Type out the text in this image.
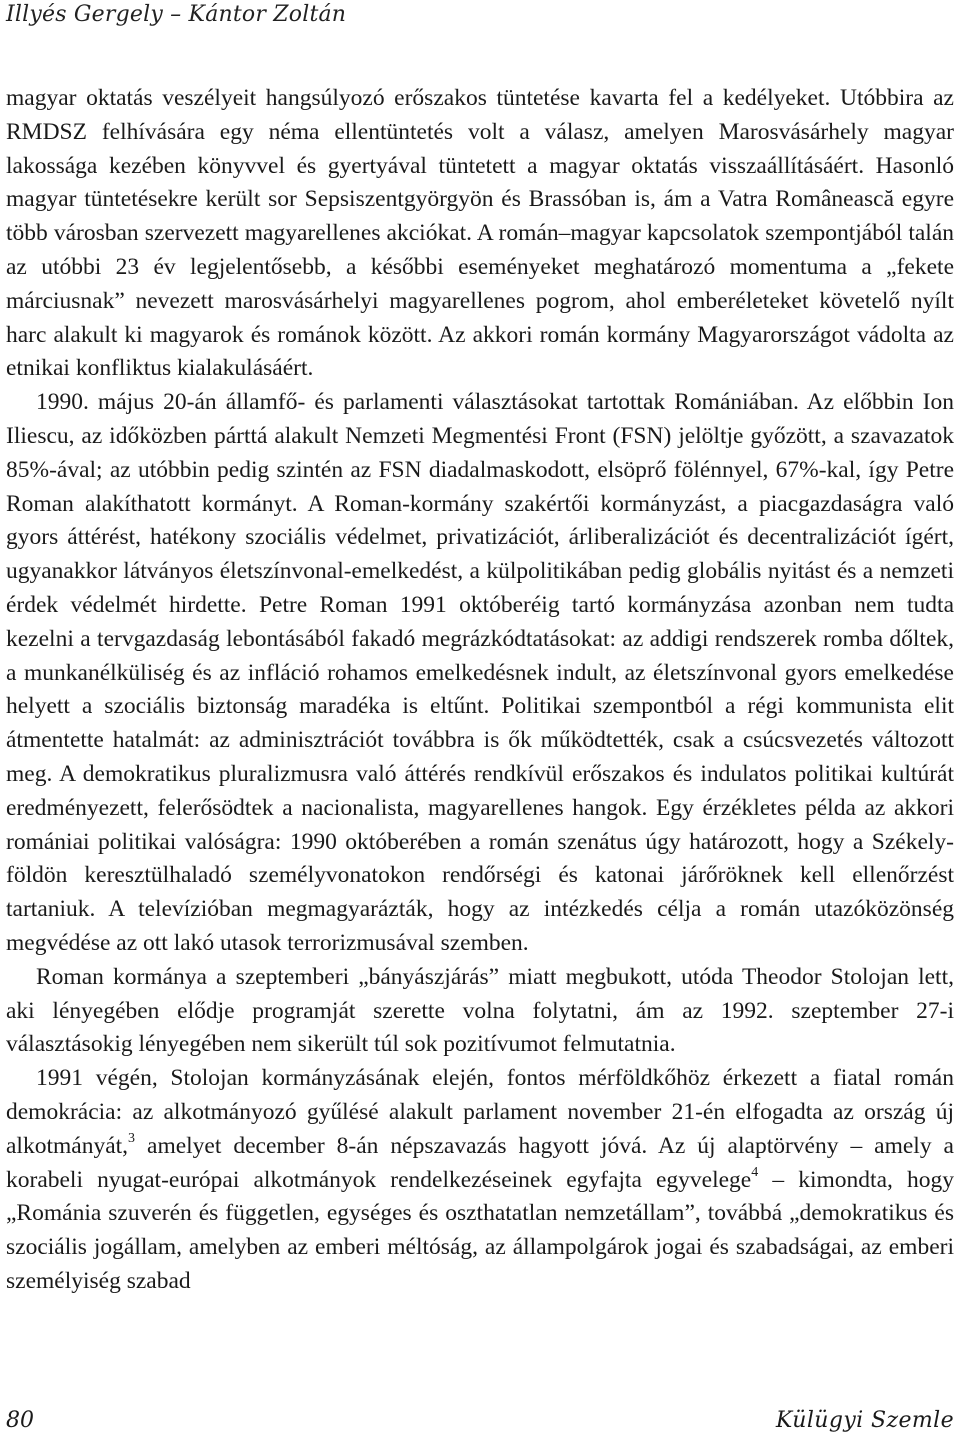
Illyés Gergely – Kántor Zoltán

magyar oktatás veszélyeit hangsúlyozó erőszakos tüntetése kavarta fel a kedélyeket. Utóbbira az RMDSZ felhívására egy néma ellentüntetés volt a válasz, amelyen Marosvásárhely magyar lakossága kezében könyvvel és gyertyával tüntetett a magyar oktatás visszaállításáért. Hasonló magyar tüntetésekre került sor Sepsiszentgyörgyön és Brassóban is, ám a Vatra Românească egyre több városban szervezett magyarellenes akciókat. A román–magyar kapcsolatok szempontjából talán az utóbbi 23 év legjelentősebb, a későbbi eseményeket meghatározó momentuma a „fekete márciusnak” nevezett marosvásárhelyi magyarellenes pogrom, ahol emberéleteket követelő nyílt harc alakult ki magyarok és románok között. Az akkori román kormány Magyarországot vádolta az etnikai konfliktus kialakulásáért.

1990. május 20-án államfő- és parlamenti választásokat tartottak Romániában. Az előbbin Ion Iliescu, az időközben párttá alakult Nemzeti Megmentési Front (FSN) jelöltje győzött, a szavazatok 85%-ával; az utóbbin pedig szintén az FSN diadalmaskodott, elsöprő fölénnyel, 67%-kal, így Petre Roman alakíthatott kormányt. A Roman-kormány szakértői kormányzást, a piacgazdaságra való gyors áttérést, hatékony szociális védelmet, privatizációt, árliberalizációt és decentralizációt ígért, ugyanakkor látványos életszínvonal-emelkedést, a külpolitikában pedig globális nyitást és a nemzeti érdek védelmét hirdette. Petre Roman 1991 októberéig tartó kormányzása azonban nem tudta kezelni a tervgazdaság lebontásából fakadó megrázkódtatásokat: az addigi rendszerek romba dőltek, a munkanélküliség és az infláció rohamos emelkedésnek indult, az életszínvonal gyors emelkedése helyett a szociális biztonság maradéka is eltűnt. Politikai szempontból a régi kommunista elit átmentette hatalmát: az adminisztrációt továbbra is ők működtették, csak a csúcsvezetés változott meg. A demokratikus pluralizmusra való áttérés rendkívül erőszakos és indulatos politikai kultúrát eredményezett, felerősödtek a nacionalista, magyarellenes hangok. Egy érzékletes példa az akkori romániai politikai valóságra: 1990 októberében a román szenátus úgy határozott, hogy a Székelyföldön keresztülhaladó személyvonatokon rendőrségi és katonai járőröknek kell ellenőrzést tartaniuk. A televízióban megmagyarázták, hogy az intézkedés célja a román utazóközönség megvédése az ott lakó utasok terrorizmusával szemben.

Roman kormánya a szeptemberi „bányászjárás” miatt megbukott, utóda Theodor Stolojan lett, aki lényegében elődje programját szerette volna folytatni, ám az 1992. szeptember 27-i választásokig lényegében nem sikerült túl sok pozitívumot felmutatnia.

1991 végén, Stolojan kormányzásának elején, fontos mérföldkőhöz érkezett a fiatal román demokrácia: az alkotmányozó gyűlésé alakult parlament november 21-én elfogadta az ország új alkotmányát,$^3$ amelyet december 8-án népszavazás hagyott jóvá. Az új alaptörvény – amely a korabeli nyugat-európai alkotmányok rendelkezéseinek egyfajta egyvelege$^4$ – kimondta, hogy „Románia szuverén és független, egységes és oszthatatlan nemzetállam”, továbbá „demokratikus és szociális jogállam, amelyben az emberi méltóság, az állampolgárok jogai és szabadságai, az emberi személyiség szabad

80	Külügyi Szemle
